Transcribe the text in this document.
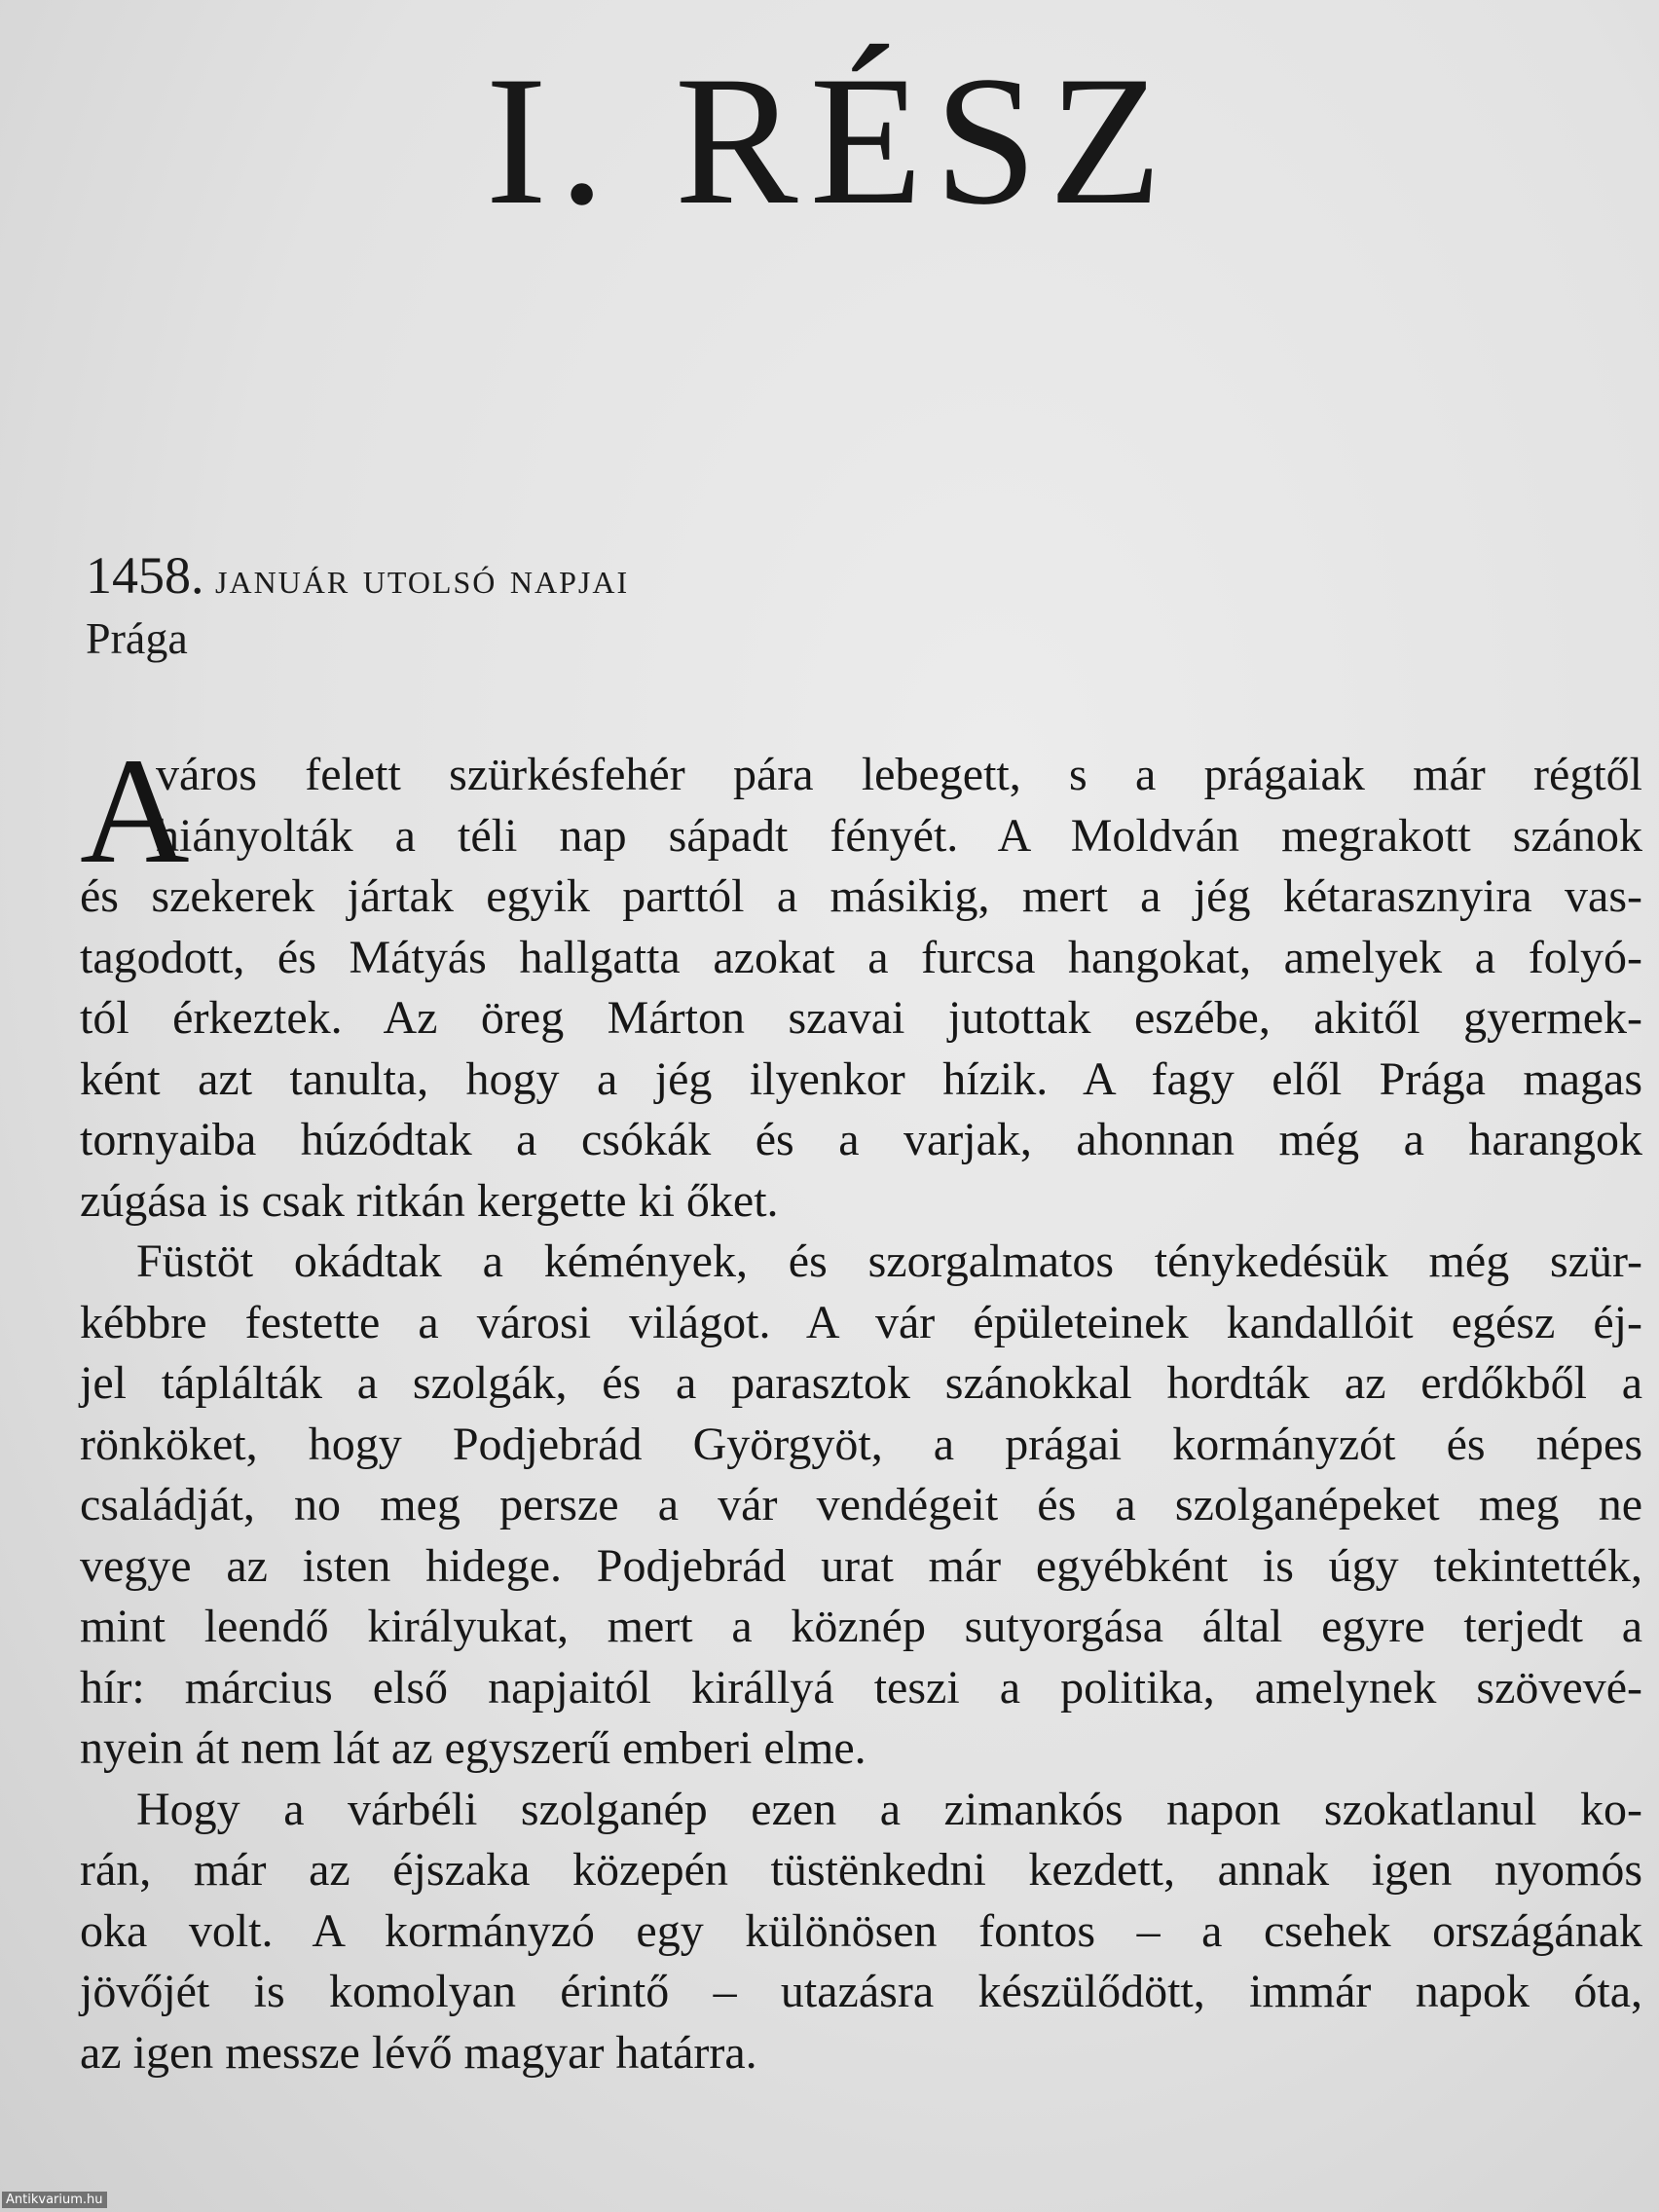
I. RÉSZ
1458. január utolsó napjai
Prága
A
város felett szürkésfehér pára lebegett, s a prágaiak már régtől
hiányolták a téli nap sápadt fényét. A Moldván megrakott szánok
és szekerek jártak egyik parttól a másikig, mert a jég kétarasznyira vas-
tagodott, és Mátyás hallgatta azokat a furcsa hangokat, amelyek a folyó-
tól érkeztek. Az öreg Márton szavai jutottak eszébe, akitől gyermek-
ként azt tanulta, hogy a jég ilyenkor hízik. A fagy elől Prága magas
tornyaiba húzódtak a csókák és a varjak, ahonnan még a harangok
zúgása is csak ritkán kergette ki őket.
Füstöt okádtak a kémények, és szorgalmatos ténykedésük még szür-
kébbre festette a városi világot. A vár épületeinek kandallóit egész éj-
jel táplálták a szolgák, és a parasztok szánokkal hordták az erdőkből a
rönköket, hogy Podjebrád Györgyöt, a prágai kormányzót és népes
családját, no meg persze a vár vendégeit és a szolganépeket meg ne
vegye az isten hidege. Podjebrád urat már egyébként is úgy tekintették,
mint leendő királyukat, mert a köznép sutyorgása által egyre terjedt a
hír: március első napjaitól királlyá teszi a politika, amelynek szövevé-
nyein át nem lát az egyszerű emberi elme.
Hogy a várbéli szolganép ezen a zimankós napon szokatlanul ko-
rán, már az éjszaka közepén tüstënkedni kezdett, annak igen nyomós
oka volt. A kormányzó egy különösen fontos – a csehek országának
jövőjét is komolyan érintő – utazásra készülődött, immár napok óta,
az igen messze lévő magyar határra.
Antikvarium.hu
